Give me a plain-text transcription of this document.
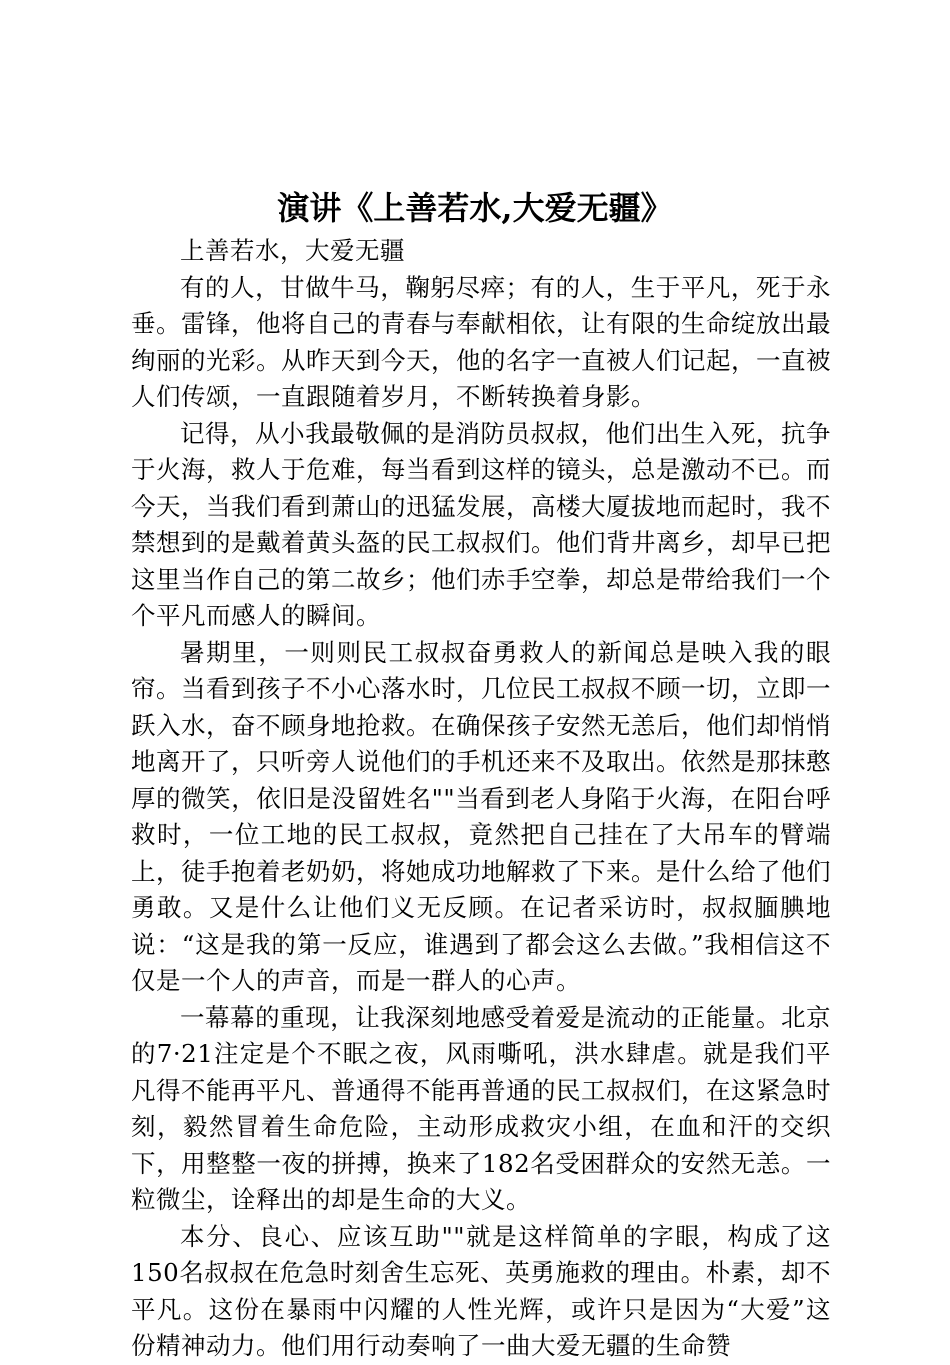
演讲《上善若水,大爱无疆》

上善若水，大爱无疆

有的人，甘做牛马，鞠躬尽瘁；有的人，生于平凡，死于永垂。雷锋，他将自己的青春与奉献相依，让有限的生命绽放出最绚丽的光彩。从昨天到今天，他的名字一直被人们记起，一直被人们传颂，一直跟随着岁月，不断转换着身影。

记得，从小我最敬佩的是消防员叔叔，他们出生入死，抗争于火海，救人于危难，每当看到这样的镜头，总是激动不已。而今天，当我们看到萧山的迅猛发展，高楼大厦拔地而起时，我不禁想到的是戴着黄头盔的民工叔叔们。他们背井离乡，却早已把这里当作自己的第二故乡；他们赤手空拳，却总是带给我们一个个平凡而感人的瞬间。

暑期里，一则则民工叔叔奋勇救人的新闻总是映入我的眼帘。当看到孩子不小心落水时，几位民工叔叔不顾一切，立即一跃入水，奋不顾身地抢救。在确保孩子安然无恙后，他们却悄悄地离开了，只听旁人说他们的手机还来不及取出。依然是那抹憨厚的微笑，依旧是没留姓名""当看到老人身陷于火海，在阳台呼救时，一位工地的民工叔叔，竟然把自己挂在了大吊车的臂端上，徒手抱着老奶奶，将她成功地解救了下来。是什么给了他们勇敢。又是什么让他们义无反顾。在记者采访时，叔叔腼腆地说：“这是我的第一反应，谁遇到了都会这么去做。”我相信这不仅是一个人的声音，而是一群人的心声。

一幕幕的重现，让我深刻地感受着爱是流动的正能量。北京的7·21注定是个不眠之夜，风雨嘶吼，洪水肆虐。就是我们平凡得不能再平凡、普通得不能再普通的民工叔叔们，在这紧急时刻，毅然冒着生命危险，主动形成救灾小组，在血和汗的交织下，用整整一夜的拼搏，换来了182名受困群众的安然无恙。一粒微尘，诠释出的却是生命的大义。

本分、良心、应该互助""就是这样简单的字眼，构成了这150名叔叔在危急时刻舍生忘死、英勇施救的理由。朴素，却不平凡。这份在暴雨中闪耀的人性光辉，或许只是因为“大爱”这份精神动力。他们用行动奏响了一曲大爱无疆的生命赞
